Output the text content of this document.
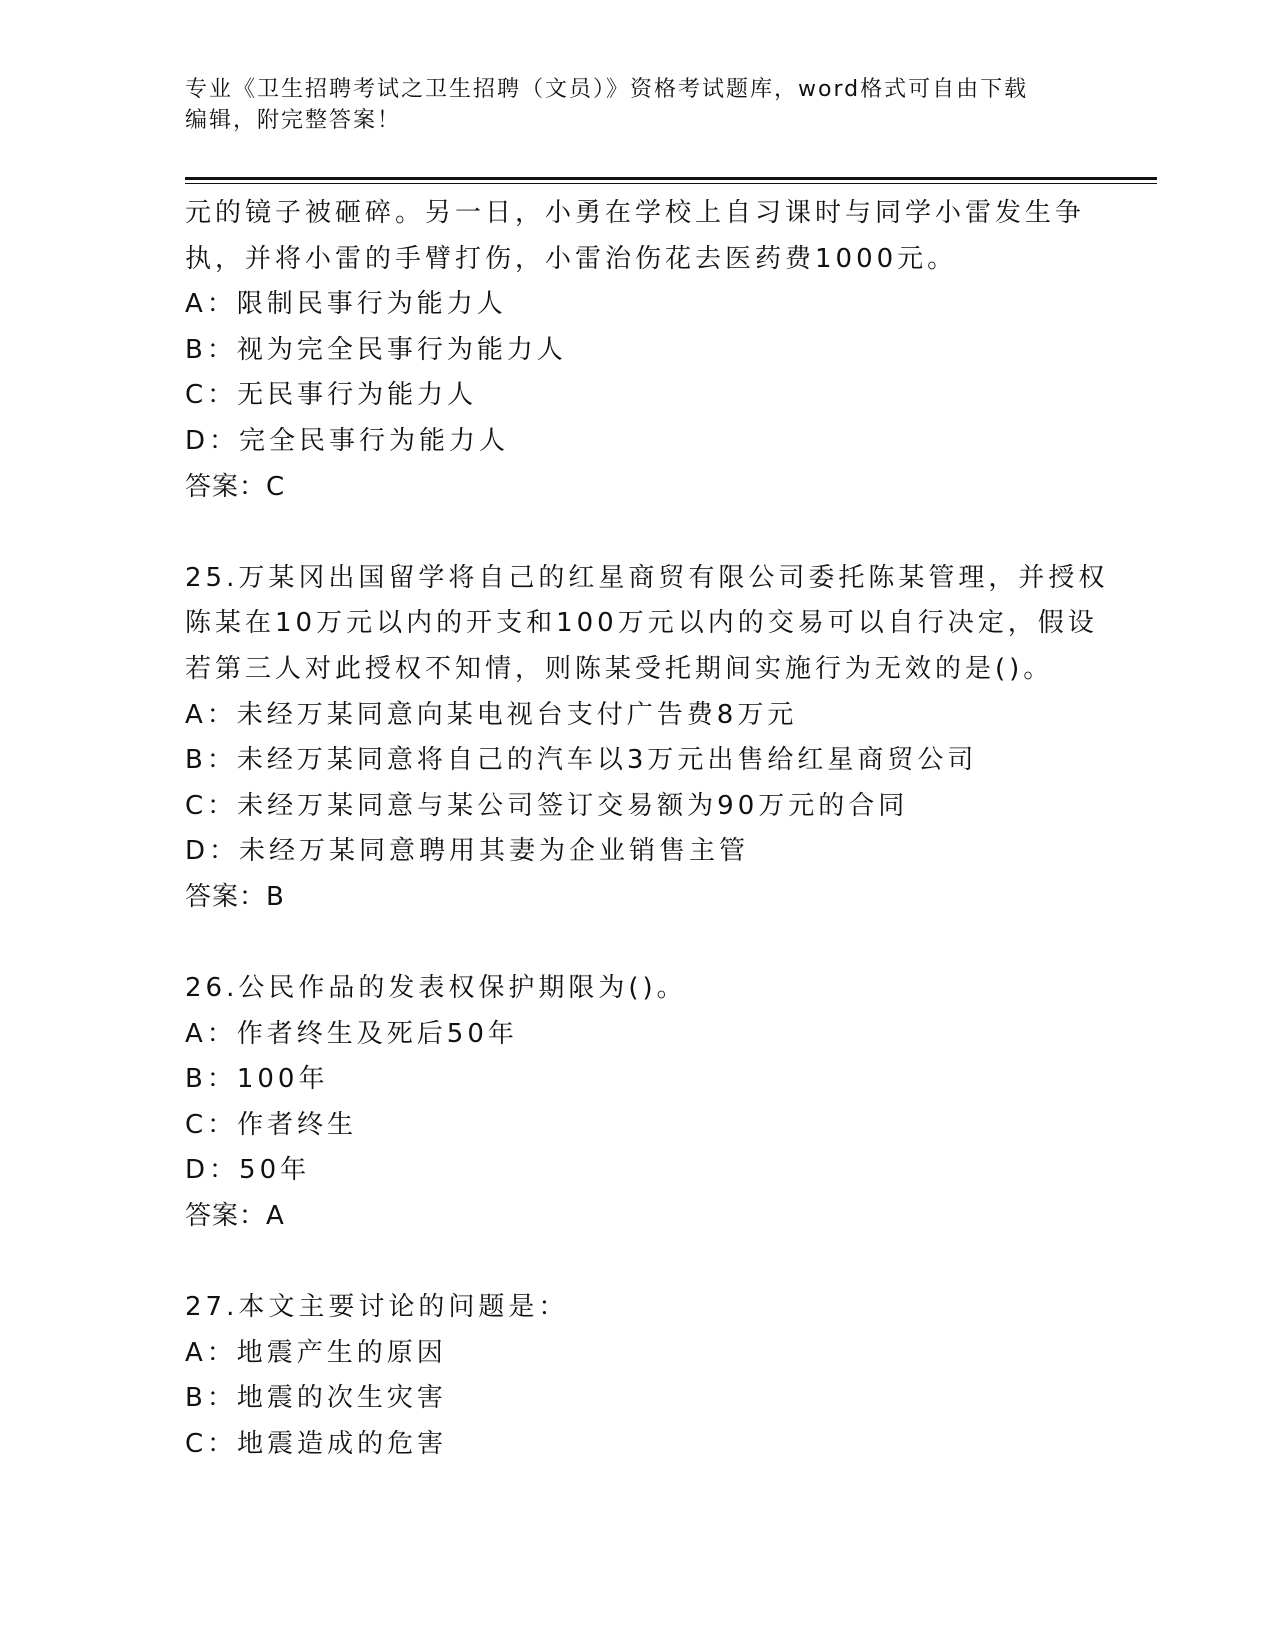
专业《卫生招聘考试之卫生招聘（文员）》资格考试题库，word格式可自由下载
编辑，附完整答案！
元的镜子被砸碎。另一日，小勇在学校上自习课时与同学小雷发生争
执，并将小雷的手臂打伤，小雷治伤花去医药费1000元。
A：限制民事行为能力人
B：视为完全民事行为能力人
C：无民事行为能力人
D：完全民事行为能力人
答案：C
25.万某冈出国留学将自己的红星商贸有限公司委托陈某管理，并授权
陈某在10万元以内的开支和100万元以内的交易可以自行决定，假设
若第三人对此授权不知情，则陈某受托期间实施行为无效的是()。
A：未经万某同意向某电视台支付广告费8万元
B：未经万某同意将自己的汽车以3万元出售给红星商贸公司
C：未经万某同意与某公司签订交易额为90万元的合同
D：未经万某同意聘用其妻为企业销售主管
答案：B
26.公民作品的发表权保护期限为()。
A：作者终生及死后50年
B：100年
C：作者终生
D：50年
答案：A
27.本文主要讨论的问题是：
A：地震产生的原因
B：地震的次生灾害
C：地震造成的危害
